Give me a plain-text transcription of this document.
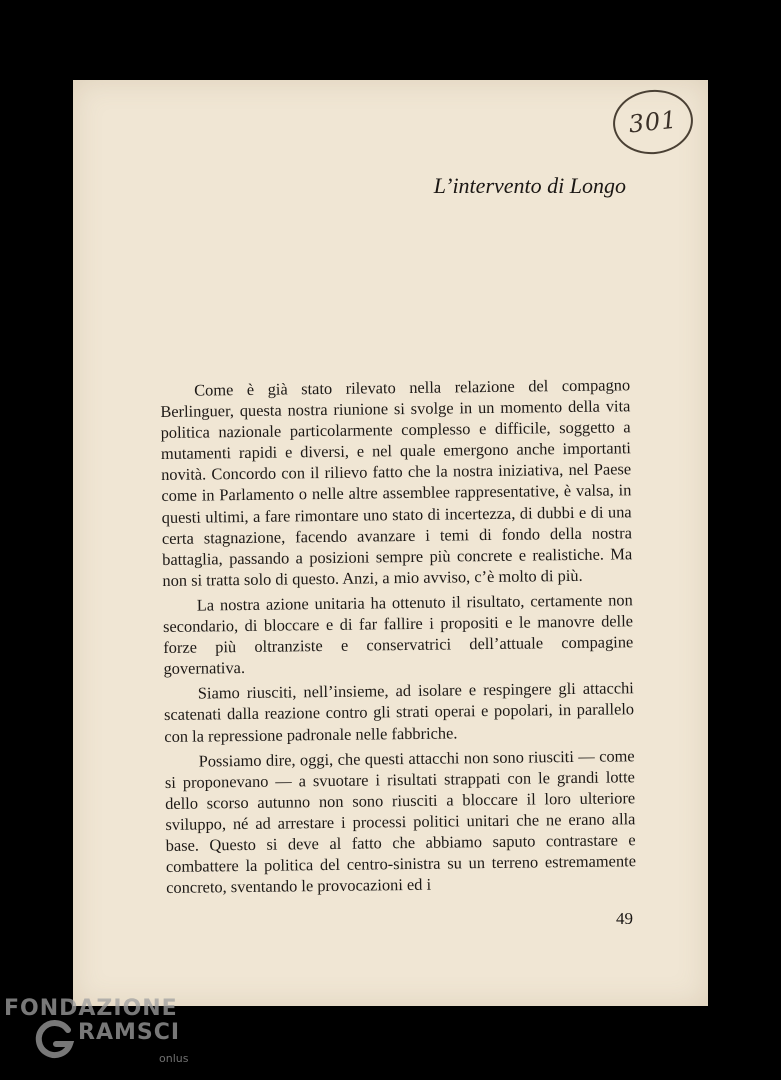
301
L’intervento di Longo

Come è già stato rilevato nella relazione del compagno Berlinguer, questa nostra riunione si svolge in un momento della vita politica nazionale particolarmente complesso e difficile, soggetto a mutamenti rapidi e diversi, e nel quale emergono anche importanti novità. Concordo con il rilievo fatto che la nostra iniziativa, nel Paese come in Parlamento o nelle altre assemblee rappresentative, è valsa, in questi ultimi, a fare rimontare uno stato di incertezza, di dubbi e di una certa stagnazione, facendo avanzare i temi di fondo della nostra battaglia, passando a posizioni sempre più concrete e realistiche. Ma non si tratta solo di questo. Anzi, a mio avviso, c’è molto di più.

La nostra azione unitaria ha ottenuto il risultato, certamente non secondario, di bloccare e di far fallire i propositi e le manovre delle forze più oltranziste e conservatrici dell’attuale compagine governativa.

Siamo riusciti, nell’insieme, ad isolare e respingere gli attacchi scatenati dalla reazione contro gli strati operai e popolari, in parallelo con la repressione padronale nelle fabbriche.

Possiamo dire, oggi, che questi attacchi non sono riusciti — come si proponevano — a svuotare i risultati strappati con le grandi lotte dello scorso autunno non sono riusciti a bloccare il loro ulteriore sviluppo, né ad arrestare i processi politici unitari che ne erano alla base. Questo si deve al fatto che abbiamo saputo contrastare e combattere la politica del centro-sinistra su un terreno estremamente concreto, sventando le provocazioni ed i

49
FONDAZIONE
RAMSCI
onlus
